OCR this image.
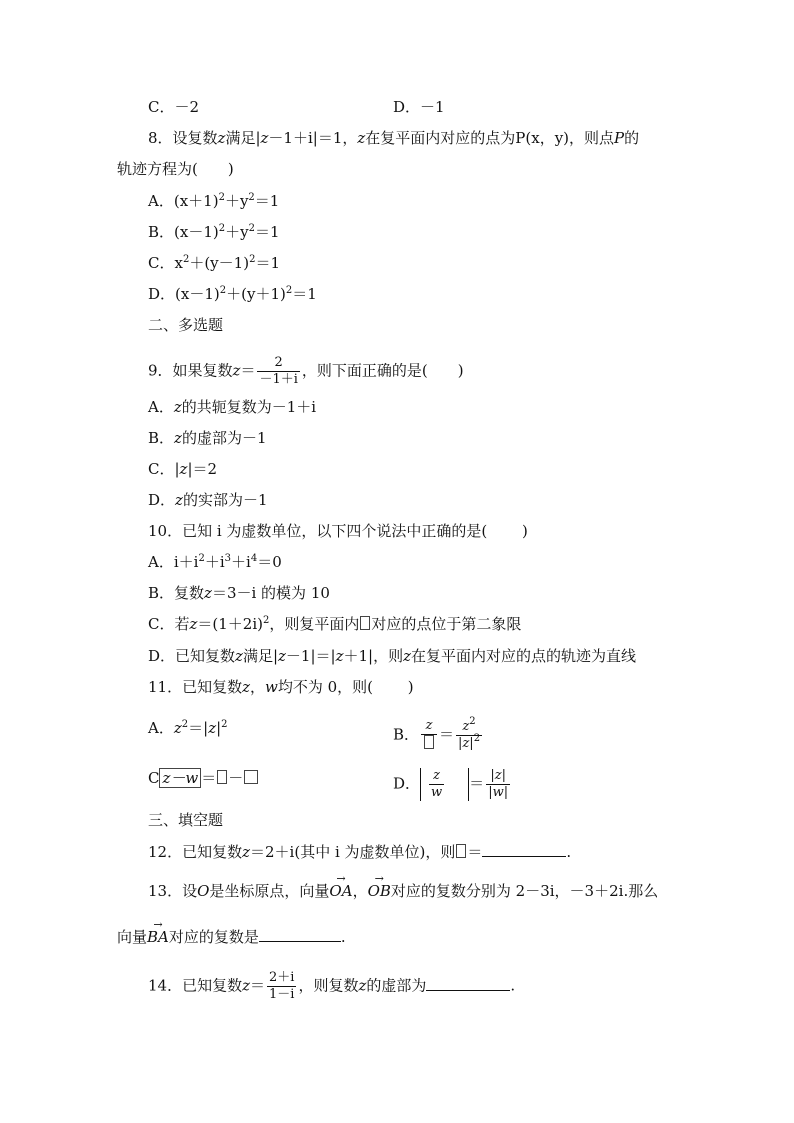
C．－2	D．－1
8．设复数z满足|z－1＋i|＝1，z在复平面内对应的点为P(x，y)，则点P的
轨迹方程为(　　)
A．$(x+1)^2+y^2=1$
B．$(x-1)^2+y^2=1$
C．$x^2+(y-1)^2=1$
D．$(x-1)^2+(y+1)^2=1$
二、多选题
9．如果复数$z= \frac{2}{-1+i}$ ，则下面正确的是(　　)
A．z的共轭复数为－1＋i
B．z的虚部为－1
C．|z|＝2
D．z的实部为－1
10．已知 i 为虚数单位，以下四个说法中正确的是(　　 )
A．$i+i^2+i^3+i^4=0$
B．复数z＝3－i 的模为 10
C．若$z=(1+2i)^2$，则复平面内 对应的点位于第二象限
D．已知复数z满足|z－1|＝|z＋1|，则z在复平面内对应的点的轨迹为直线
11．已知复数z，w均不为 0，则(　　 )
A．$z^2=|z|^2$
B． $z = \frac{z^2}{|z|^2}$
C z－w ＝ －	D． $\frac{z}{w} = \frac{|z|}{|w|}$
三、填空题
12．已知复数z＝2＋i(其中 i 为虚数单位)，则 ＝	.
13．设O是坐标原点，向量→ OA，→ OB对应的复数分别为 2－3i，－3＋2i.那么
向量→ BA对应的复数是	.
14．已知复数$z= \frac{2+i}{1-i}$ ，则复数z的虚部为	.
